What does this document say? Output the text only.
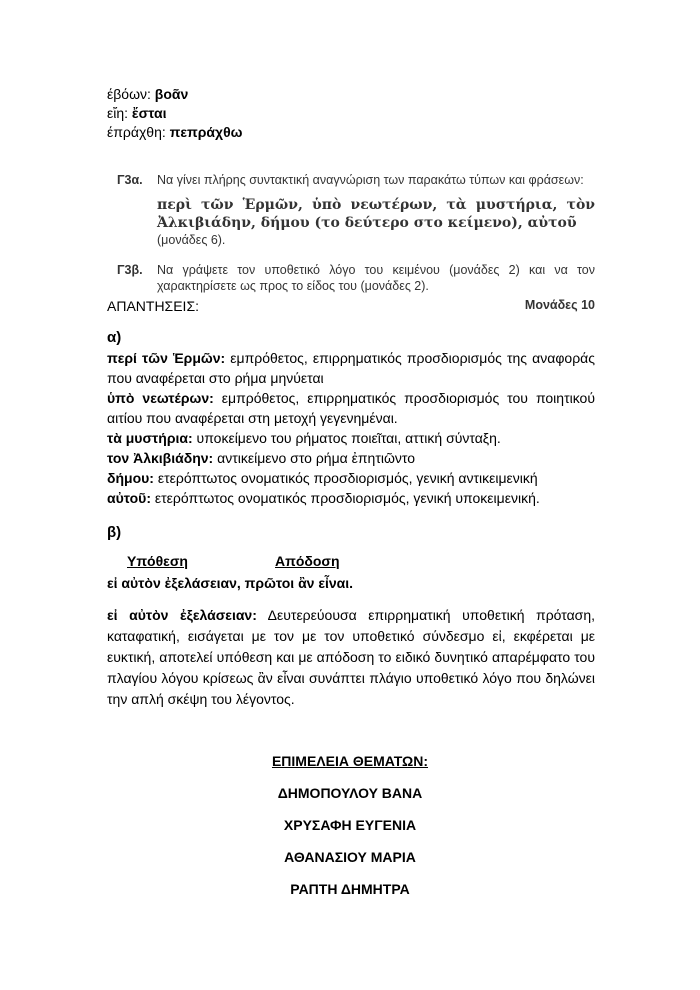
έβόων: βοᾶν
εἴη: ἔσται
έπράχθη: πεπράχθω
Γ3α. Να γίνει πλήρης συντακτική αναγνώριση των παρακάτω τύπων και φράσεων:
περὶ τῶν Ἑρμῶν, ὑπὸ νεωτέρων, τὰ μυστήρια, τὸν Ἀλκιβιάδην, δήμου (το δεύτερο στο κείμενο), αὐτοῦ
(μονάδες 6).
Γ3β. Να γράψετε τον υποθετικό λόγο του κειμένου (μονάδες 2) και να τον χαρακτηρίσετε ως προς το είδος του (μονάδες 2).
Μονάδες 10
ΑΠΑΝΤΗΣΕΙΣ:
α)
περί τῶν Ἑρμῶν: εμπρόθετος, επιρρηματικός προσδιορισμός της αναφοράς που αναφέρεται στο ρήμα μηνύεται
ὑπὸ νεωτέρων: εμπρόθετος, επιρρηματικός προσδιορισμός του ποιητικού αιτίου που αναφέρεται στη μετοχή γεγενημέναι.
τὰ μυστήρια: υποκείμενο του ρήματος ποιεῖται, αττική σύνταξη.
τον Ἀλκιβιάδην: αντικείμενο στο ρήμα ἐπητιῶντο
δήμου: ετερόπτωτος ονοματικός προσδιορισμός, γενική αντικειμενική
αὐτοῦ: ετερόπτωτος ονοματικός προσδιορισμός, γενική υποκειμενική.
β)
Υπόθεση	Απόδοση
εἰ αὐτὸν ἐξελάσειαν, πρῶτοι ἂν εἶναι.
εἰ αὐτὸν ἐξελάσειαν: Δευτερεύουσα επιρρηματική υποθετική πρόταση, καταφατική, εισάγεται με τον με τον υποθετικό σύνδεσμο εἰ, εκφέρεται με ευκτική, αποτελεί υπόθεση και με απόδοση το ειδικό δυνητικό απαρέμφατο του πλαγίου λόγου κρίσεως ἂν εἶναι συνάπτει πλάγιο υποθετικό λόγο που δηλώνει την απλή σκέψη του λέγοντος.
ΕΠΙΜΕΛΕΙΑ ΘΕΜΑΤΩΝ:
ΔΗΜΟΠΟΥΛΟΥ ΒΑΝΑ
ΧΡΥΣΑΦΗ ΕΥΓΕΝΙΑ
ΑΘΑΝΑΣΙΟΥ ΜΑΡΙΑ
ΡΑΠΤΗ ΔΗΜΗΤΡΑ
